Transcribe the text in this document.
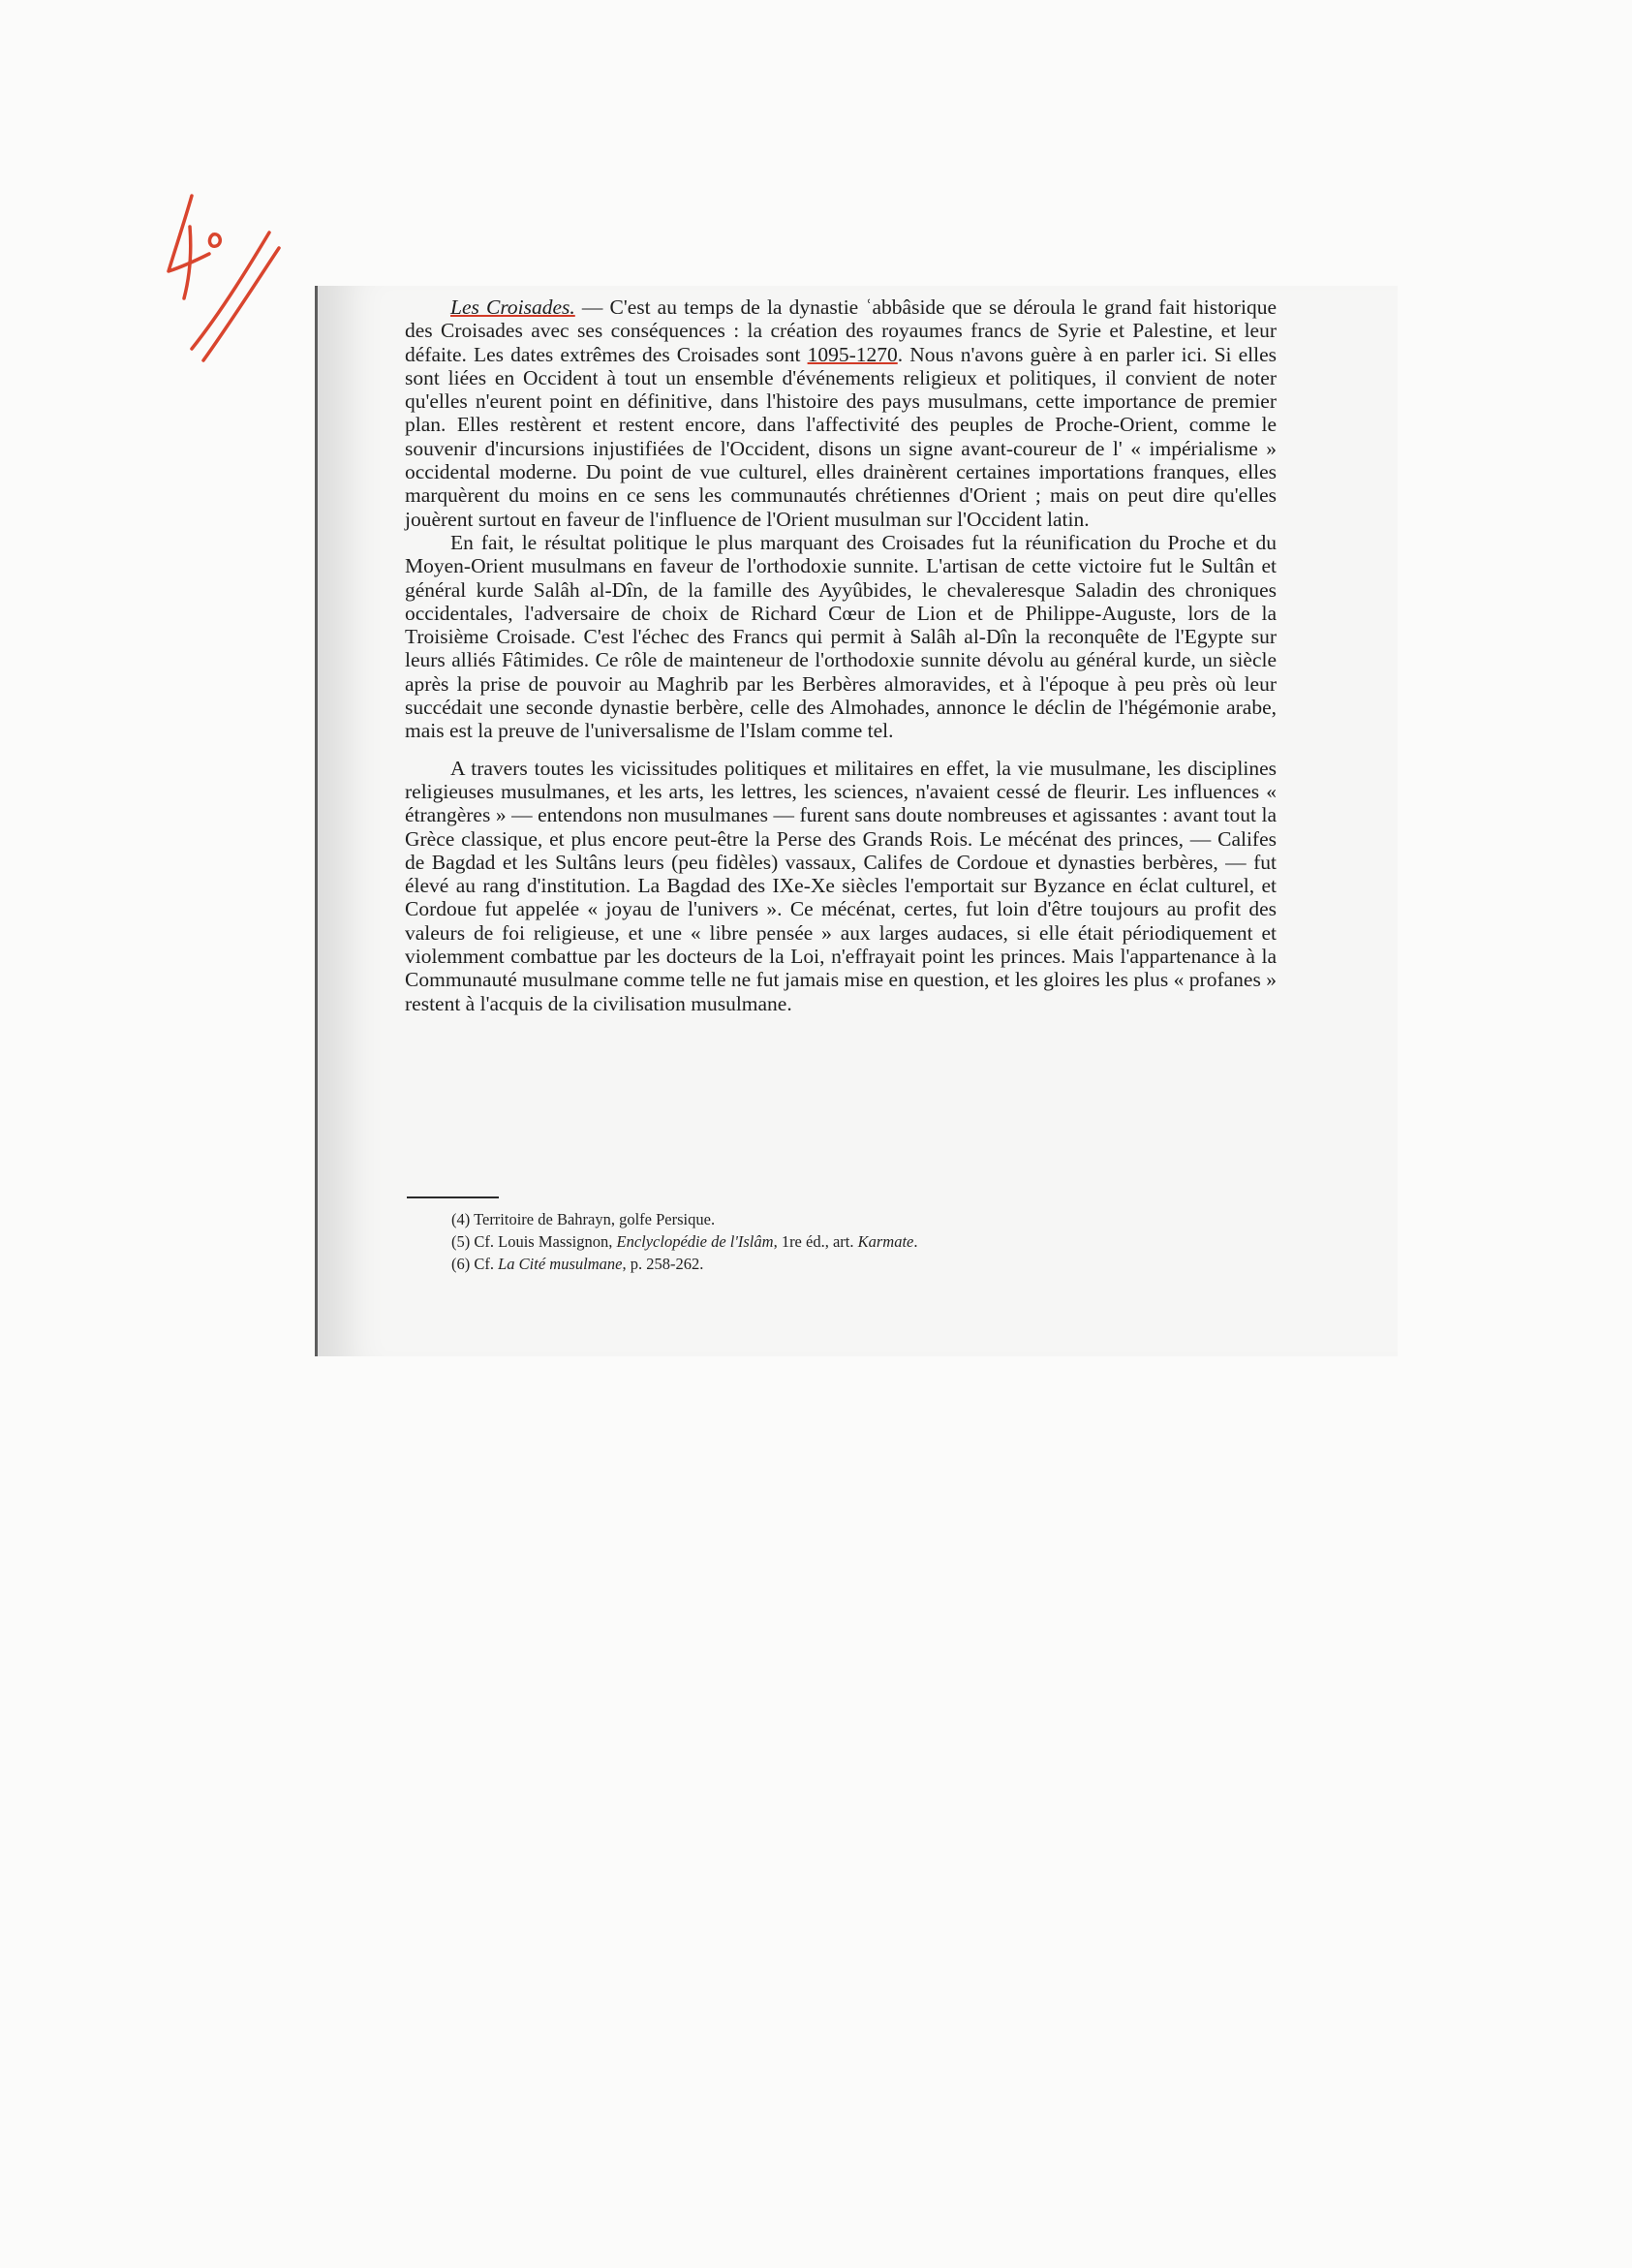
Les Croisades. — C'est au temps de la dynastie ʿabbâside que se déroula le grand fait historique des Croisades avec ses conséquences : la création des royaumes francs de Syrie et Palestine, et leur défaite. Les dates extrêmes des Croisades sont 1095-1270. Nous n'avons guère à en parler ici. Si elles sont liées en Occident à tout un ensemble d'événements religieux et politiques, il convient de noter qu'elles n'eurent point en définitive, dans l'histoire des pays musulmans, cette importance de premier plan. Elles restèrent et restent encore, dans l'affectivité des peuples de Proche-Orient, comme le souvenir d'incursions injustifiées de l'Occident, disons un signe avant-coureur de l' « impérialisme » occidental moderne. Du point de vue culturel, elles drainèrent certaines importations franques, elles marquèrent du moins en ce sens les communautés chrétiennes d'Orient ; mais on peut dire qu'elles jouèrent surtout en faveur de l'influence de l'Orient musulman sur l'Occident latin.

En fait, le résultat politique le plus marquant des Croisades fut la réunification du Proche et du Moyen-Orient musulmans en faveur de l'orthodoxie sunnite. L'artisan de cette victoire fut le Sultân et général kurde Salâh al-Dîn, de la famille des Ayyûbides, le chevaleresque Saladin des chroniques occidentales, l'adversaire de choix de Richard Cœur de Lion et de Philippe-Auguste, lors de la Troisième Croisade. C'est l'échec des Francs qui permit à Salâh al-Dîn la reconquête de l'Egypte sur leurs alliés Fâtimides. Ce rôle de mainteneur de l'orthodoxie sunnite dévolu au général kurde, un siècle après la prise de pouvoir au Maghrib par les Berbères almoravides, et à l'époque à peu près où leur succédait une seconde dynastie berbère, celle des Almohades, annonce le déclin de l'hégémonie arabe, mais est la preuve de l'universalisme de l'Islam comme tel.

A travers toutes les vicissitudes politiques et militaires en effet, la vie musulmane, les disciplines religieuses musulmanes, et les arts, les lettres, les sciences, n'avaient cessé de fleurir. Les influences « étrangères » — entendons non musulmanes — furent sans doute nombreuses et agissantes : avant tout la Grèce classique, et plus encore peut-être la Perse des Grands Rois. Le mécénat des princes, — Califes de Bagdad et les Sultâns leurs (peu fidèles) vassaux, Califes de Cordoue et dynasties berbères, — fut élevé au rang d'institution. La Bagdad des IXe-Xe siècles l'emportait sur Byzance en éclat culturel, et Cordoue fut appelée « joyau de l'univers ». Ce mécénat, certes, fut loin d'être toujours au profit des valeurs de foi religieuse, et une « libre pensée » aux larges audaces, si elle était périodiquement et violemment combattue par les docteurs de la Loi, n'effrayait point les princes. Mais l'appartenance à la Communauté musulmane comme telle ne fut jamais mise en question, et les gloires les plus « profanes » restent à l'acquis de la civilisation musulmane.

(4) Territoire de Bahrayn, golfe Persique.
(5) Cf. Louis Massignon, Enclyclopédie de l'Islâm, 1re éd., art. Karmate.
(6) Cf. La Cité musulmane, p. 258-262.
